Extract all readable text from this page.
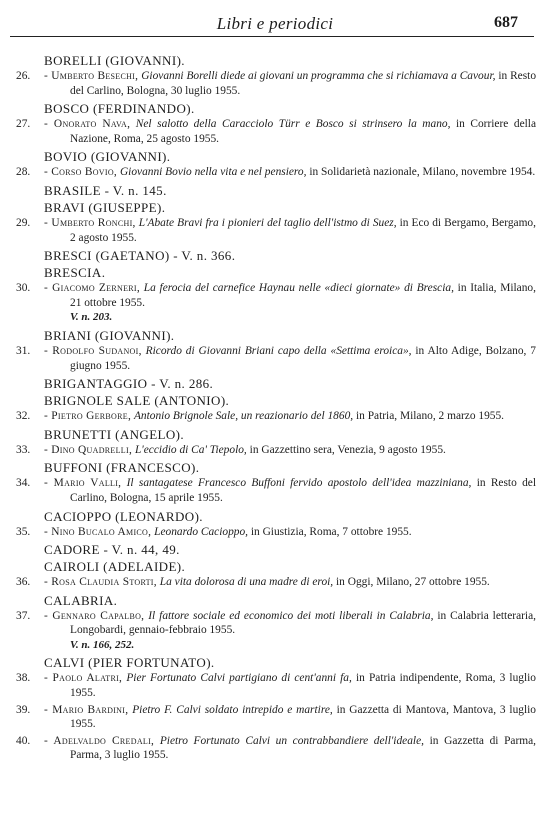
Libri e periodici	687
BORELLI (GIOVANNI).
26.	- Umberto Besechi, Giovanni Borelli diede ai giovani un programma che si richiamava a Cavour, in Resto del Carlino, Bologna, 30 luglio 1955.
BOSCO (FERDINANDO).
27.	- Onorato Nava, Nel salotto della Caracciolo Türr e Bosco si strinsero la mano, in Corriere della Nazione, Roma, 25 agosto 1955.
BOVIO (GIOVANNI).
28.	- Corso Bovio, Giovanni Bovio nella vita e nel pensiero, in Solidarietà nazionale, Milano, novembre 1954.
BRASILE - V. n. 145.
BRAVI (GIUSEPPE).
29.	- Umberto Ronchi, L'Abate Bravi fra i pionieri del taglio dell'istmo di Suez, in Eco di Bergamo, Bergamo, 2 agosto 1955.
BRESCI (GAETANO) - V. n. 366.
BRESCIA.
30.	- Giacomo Zerneri, La ferocia del carnefice Haynau nelle «dieci giornate» di Brescia, in Italia, Milano, 21 ottobre 1955.
V. n. 203.
BRIANI (GIOVANNI).
31.	- Rodolfo Sudanoi, Ricordo di Giovanni Briani capo della «Settima eroica», in Alto Adige, Bolzano, 7 giugno 1955.
BRIGANTAGGIO - V. n. 286.
BRIGNOLE SALE (ANTONIO).
32.	- Pietro Gerbore, Antonio Brignole Sale, un reazionario del 1860, in Patria, Milano, 2 marzo 1955.
BRUNETTI (ANGELO).
33.	- Dino Quadrelli, L'eccidio di Ca' Tiepolo, in Gazzettino sera, Venezia, 9 agosto 1955.
BUFFONI (FRANCESCO).
34.	- Mario Valli, Il santagatese Francesco Buffoni fervido apostolo dell'idea mazziniana, in Resto del Carlino, Bologna, 15 aprile 1955.
CACIOPPO (LEONARDO).
35.	- Nino Bucalo Amico, Leonardo Cacioppo, in Giustizia, Roma, 7 ottobre 1955.
CADORE - V. n. 44, 49.
CAIROLI (ADELAIDE).
36.	- Rosa Claudia Storti, La vita dolorosa di una madre di eroi, in Oggi, Milano, 27 ottobre 1955.
CALABRIA.
37.	- Gennaro Capalbo, Il fattore sociale ed economico dei moti liberali in Calabria, in Calabria letteraria, Longobardi, gennaio-febbraio 1955.
V. n. 166, 252.
CALVI (PIER FORTUNATO).
38.	- Paolo Alatri, Pier Fortunato Calvi partigiano di cent'anni fa, in Patria indipendente, Roma, 3 luglio 1955.
39.	- Mario Bardini, Pietro F. Calvi soldato intrepido e martire, in Gazzetta di Mantova, Mantova, 3 luglio 1955.
40.	- Adelvaldo Credali, Pietro Fortunato Calvi un contrabbandiere dell'ideale, in Gazzetta di Parma, Parma, 3 luglio 1955.
